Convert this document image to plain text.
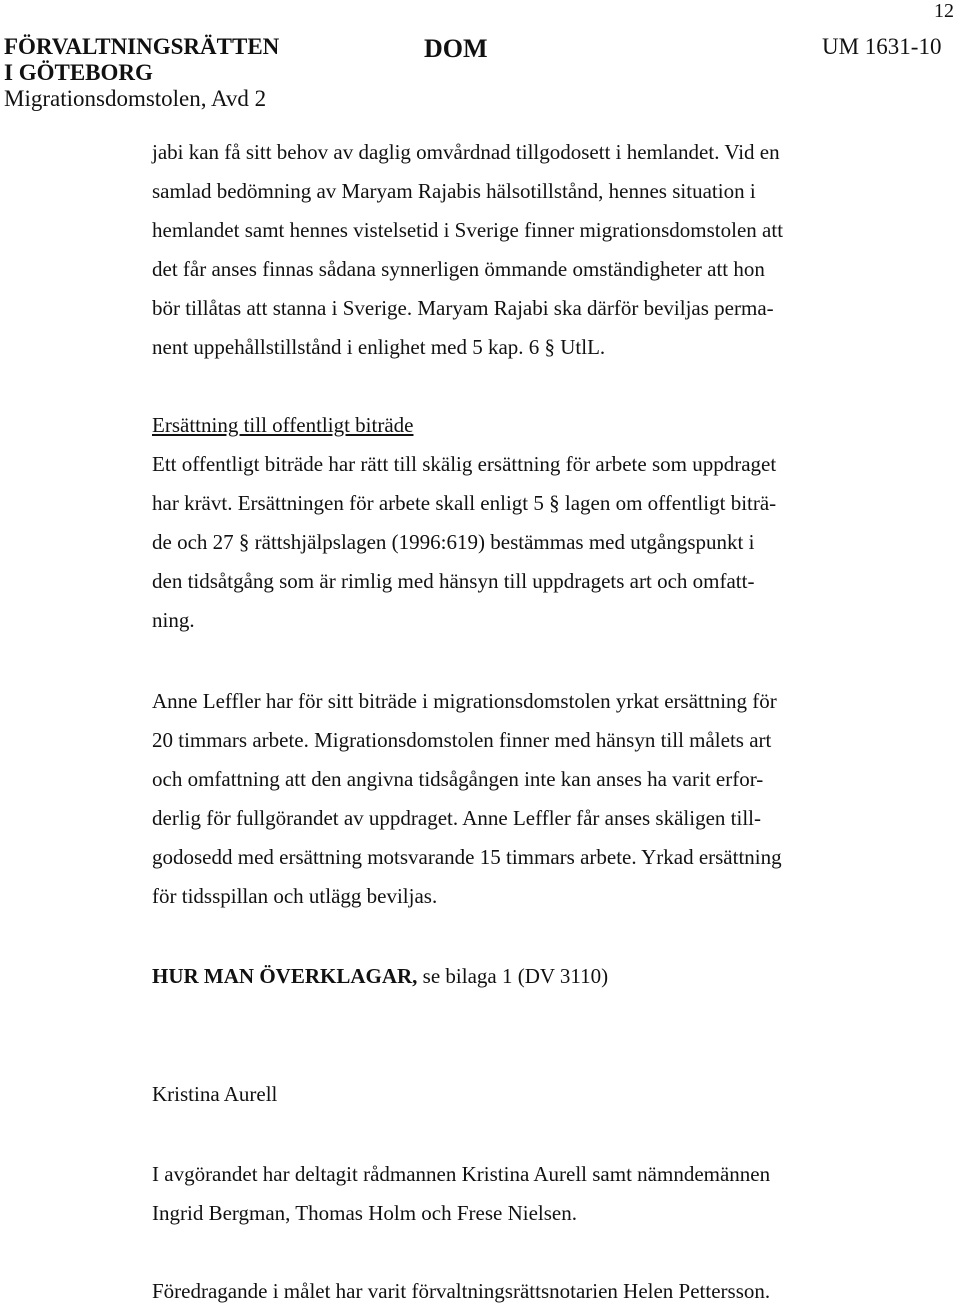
12
FÖRVALTNINGSRÄTTEN
I GÖTEBORG
Migrationsdomstolen, Avd 2
DOM	UM 1631-10
jabi kan få sitt behov av daglig omvårdnad tillgodosett i hemlandet. Vid en
samlad bedömning av Maryam Rajabis hälsotillstånd, hennes situation i
hemlandet samt hennes vistelsetid i Sverige finner migrationsdomstolen att
det får anses finnas sådana synnerligen ömmande omständigheter att hon
bör tillåtas att stanna i Sverige. Maryam Rajabi ska därför beviljas perma-
nent uppehållstillstånd i enlighet med 5 kap. 6 § UtlL.
Ersättning till offentligt biträde
Ett offentligt biträde har rätt till skälig ersättning för arbete som uppdraget
har krävt. Ersättningen för arbete skall enligt 5 § lagen om offentligt biträ-
de och 27 § rättshjälpslagen (1996:619) bestämmas med utgångspunkt i
den tidsåtgång som är rimlig med hänsyn till uppdragets art och omfatt-
ning.
Anne Leffler har för sitt biträde i migrationsdomstolen yrkat ersättning för
20 timmars arbete. Migrationsdomstolen finner med hänsyn till målets art
och omfattning att den angivna tidsågången inte kan anses ha varit erfor-
derlig för fullgörandet av uppdraget. Anne Leffler får anses skäligen till-
godosedd med ersättning motsvarande 15 timmars arbete. Yrkad ersättning
för tidsspillan och utlägg beviljas.
HUR MAN ÖVERKLAGAR, se bilaga 1 (DV 3110)
Kristina Aurell
I avgörandet har deltagit rådmannen Kristina Aurell samt nämndemännen
Ingrid Bergman, Thomas Holm och Frese Nielsen.
Föredragande i målet har varit förvaltningsrättsnotarien Helen Pettersson.
